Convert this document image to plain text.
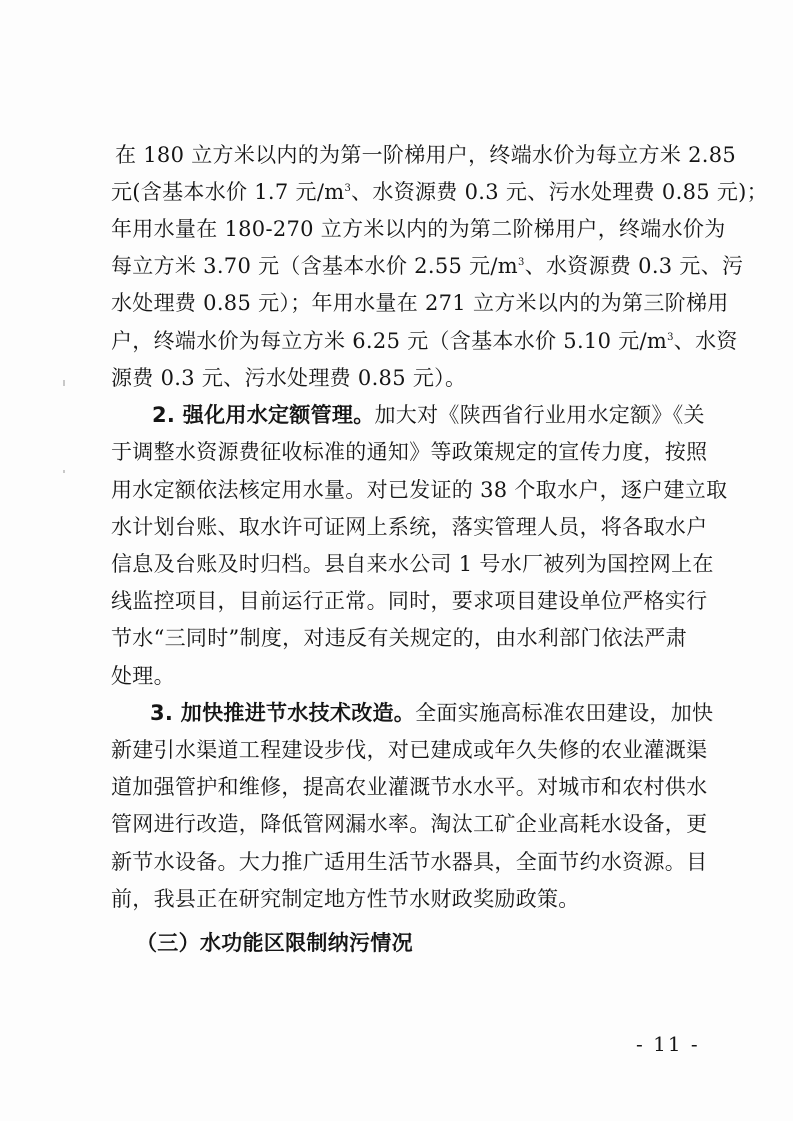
在 180 立方米以内的为第一阶梯用户，终端水价为每立方米 2.85
元(含基本水价 1.7 元$/m^3$、水资源费 0.3 元、污水处理费 0.85 元)；
年用水量在 180-270 立方米以内的为第二阶梯用户，终端水价为
每立方米 3.70 元（含基本水价 2.55 元$/m^3$、水资源费 0.3 元、污
水处理费 0.85 元）；年用水量在 271 立方米以内的为第三阶梯用
户，终端水价为每立方米 6.25 元（含基本水价 5.10 元$/m^3$、水资
源费 0.3 元、污水处理费 0.85 元）。
2. 强化用水定额管理。加大对《陕西省行业用水定额》《关
于调整水资源费征收标准的通知》等政策规定的宣传力度，按照
用水定额依法核定用水量。对已发证的 38 个取水户，逐户建立取
水计划台账、取水许可证网上系统，落实管理人员，将各取水户
信息及台账及时归档。县自来水公司 1 号水厂被列为国控网上在
线监控项目，目前运行正常。同时，要求项目建设单位严格实行
节水“三同时”制度，对违反有关规定的，由水利部门依法严肃
处理。
3. 加快推进节水技术改造。全面实施高标准农田建设，加快
新建引水渠道工程建设步伐，对已建成或年久失修的农业灌溉渠
道加强管护和维修，提高农业灌溉节水水平。对城市和农村供水
管网进行改造，降低管网漏水率。淘汰工矿企业高耗水设备，更
新节水设备。大力推广适用生活节水器具，全面节约水资源。目
前，我县正在研究制定地方性节水财政奖励政策。
（三）水功能区限制纳污情况
- 11 -
